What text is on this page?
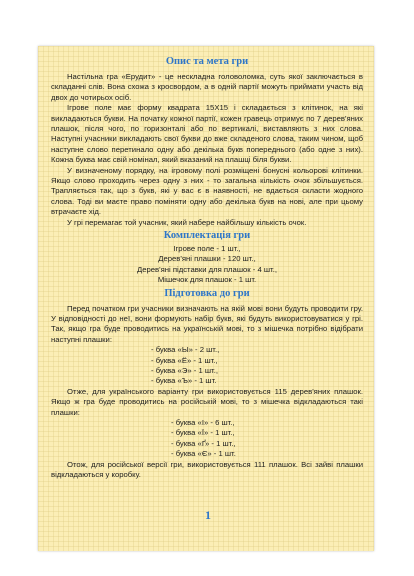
Опис та мета гри

Настільна гра «Ерудит» - це нескладна головоломка, суть якої заключається в складанні слів. Вона схожа з кросвордом, а в одній партії можуть приймати участь від двох до чотирьох осіб.

Ігрове поле має форму квадрата 15Х15 і складається з клітинок, на які викладаються букви. На початку кожної партії, кожен гравець отримує по 7 дерев'яних плашок, після чого, по горизонталі або по вертикалі, виставляють з них слова. Наступні учасники викладають свої букви до вже складеного слова, таким чином, щоб наступне слово перетинало одну або декілька букв попереднього (або одне з них). Кожна буква має свій номінал, який вказаний на плашці біля букви.

У визначеному порядку, на ігровому полі розміщені бонусні кольорові клітинки. Якщо слово проходить через одну з них - то загальна кількість очок збільшується. Трапляється так, що з букв, які у вас є в наявності, не вдається скласти жодного слова. Тоді ви маєте право поміняти одну або декілька букв на нові, але при цьому втрачаєте хід.

У грі перемагає той учасник, який набере найбільшу кількість очок.

Комплектація гри
Ігрове поле - 1 шт.,
Дерев'яні плашки - 120 шт.,
Дерев'яні підставки для плашок - 4 шт.,
Мішечок для плашок - 1 шт.
Підготовка до гри

Перед початком гри учасники визначають на якій мові вони будуть проводити гру. У відповідності до неї, вони формують набір букв, які будуть використовуватися у грі. Так, якщо гра буде проводитись на українській мові, то з мішечка потрібно відібрати наступні плашки:

- буква «Ы» - 2 шт.,
- буква «Ё» - 1 шт.,
- буква «Э» - 1 шт.,
- буква «Ъ» - 1 шт.

Отже, для українського варіанту гри використовується 115 дерев'яних плашок. Якщо ж гра буде проводитись на російській мові, то з мішечка відкладаються такі плашки:

- буква «І» - 6 шт.,
- буква «Ї» - 1 шт.,
- буква «Ґ» - 1 шт.,
- буква «Є» - 1 шт.

Отож, для російської версії гри, використовується 111 плашок. Всі зайві плашки відкладаються у коробку.

1
